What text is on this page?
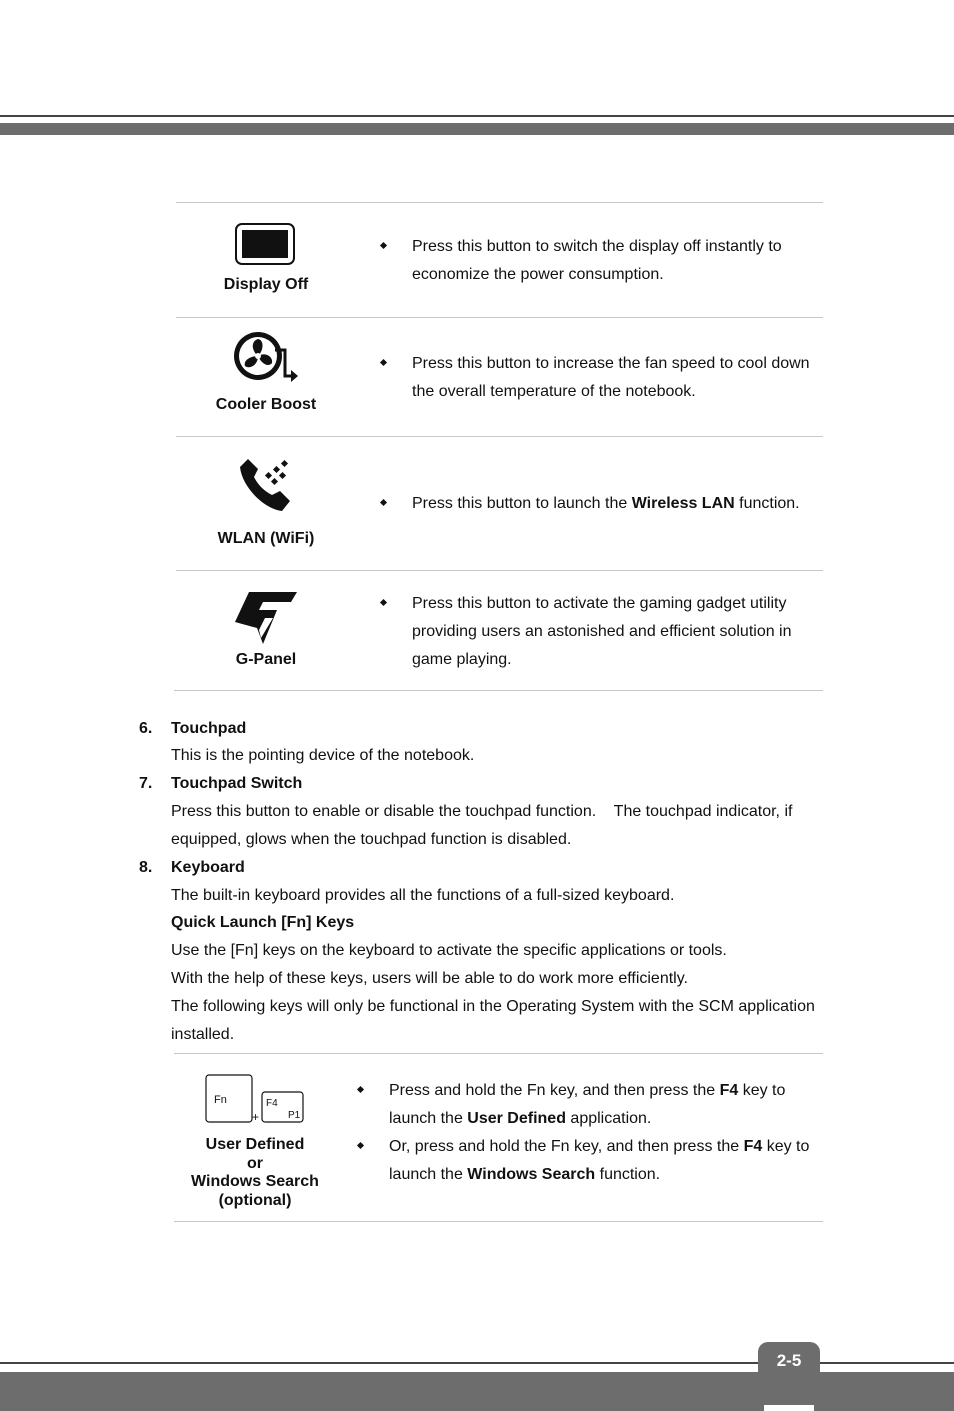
Display Off
Press this button to switch the display off instantly to
economize the power consumption.
Cooler Boost
Press this button to increase the fan speed to cool down
the overall temperature of the notebook.
WLAN (WiFi)
Press this button to launch the Wireless LAN function.
G-Panel
Press this button to activate the gaming gadget utility
providing users an astonished and efficient solution in
game playing.
6. Touchpad
This is the pointing device of the notebook.
7. Touchpad Switch
Press this button to enable or disable the touchpad function.    The touchpad indicator, if
equipped, glows when the touchpad function is disabled.
8. Keyboard
The built-in keyboard provides all the functions of a full-sized keyboard.
Quick Launch [Fn] Keys
Use the [Fn] keys on the keyboard to activate the specific applications or tools.
With the help of these keys, users will be able to do work more efficiently.
The following keys will only be functional in the Operating System with the SCM application
installed.
Fn
+
F4
P1
User Defined
or
Windows Search
(optional)
Press and hold the Fn key, and then press the F4 key to
launch the User Defined application.
Or, press and hold the Fn key, and then press the F4 key to
launch the Windows Search function.
2-5
